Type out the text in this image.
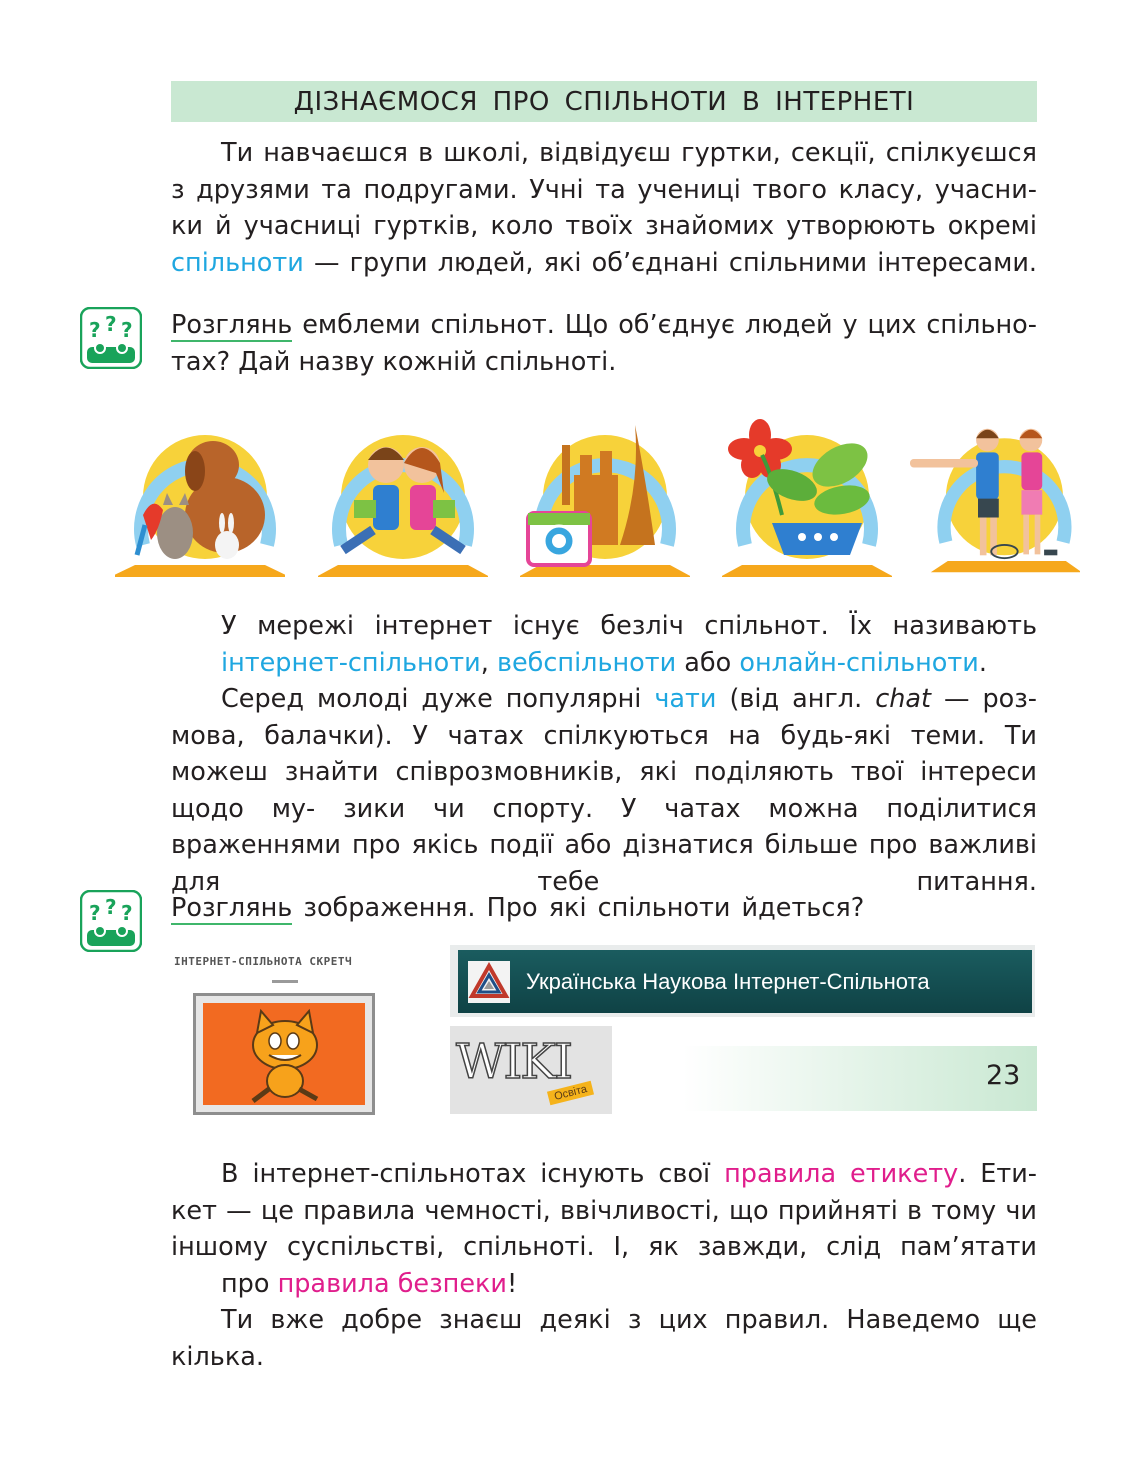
ДІЗНАЄМОСЯ ПРО СПІЛЬНОТИ В ІНТЕРНЕТІ
Ти навчаєшся в школі, відвідуєш гуртки, секції, спілкуєшся з друзями та подругами. Учні та учениці твого класу, учасни- ки й учасниці гуртків, коло твоїх знайомих утворюють окремі спільноти — групи людей, які об’єднані спільними інтересами.
? ? ? Розглянь емблеми спільнот. Що об’єднує людей у цих спільно-
тах? Дай назву кожній спільноті.
У мережі інтернет існує безліч спільнот. Їх називають
інтернет-спільноти, вебспільноти або онлайн-спільноти.
Серед молоді дуже популярні чати (від англ. chat — роз- мова, балачки). У чатах спілкуються на будь-які теми. Ти можеш знайти співрозмовників, які поділяють твої інтереси щодо му- зики чи спорту. У чатах можна поділитися враженнями про якісь події або дізнатися більше про важливі для тебе питання.
? ? ? Розглянь зображення. Про які спільноти йдеться?
ІНТЕРНЕТ-СПІЛЬНОТА СКРЕТЧ
Українська Наукова Інтернет-Спільнота
WIKI
Освіта
В інтернет-спільнотах існують свої правила етикету. Ети- кет — це правила чемності, ввічливості, що прийняті в тому чи іншому суспільстві, спільноті. І, як завжди, слід пам’ятати
про правила безпеки!
Ти вже добре знаєш деякі з цих правил. Наведемо ще кілька.
23
